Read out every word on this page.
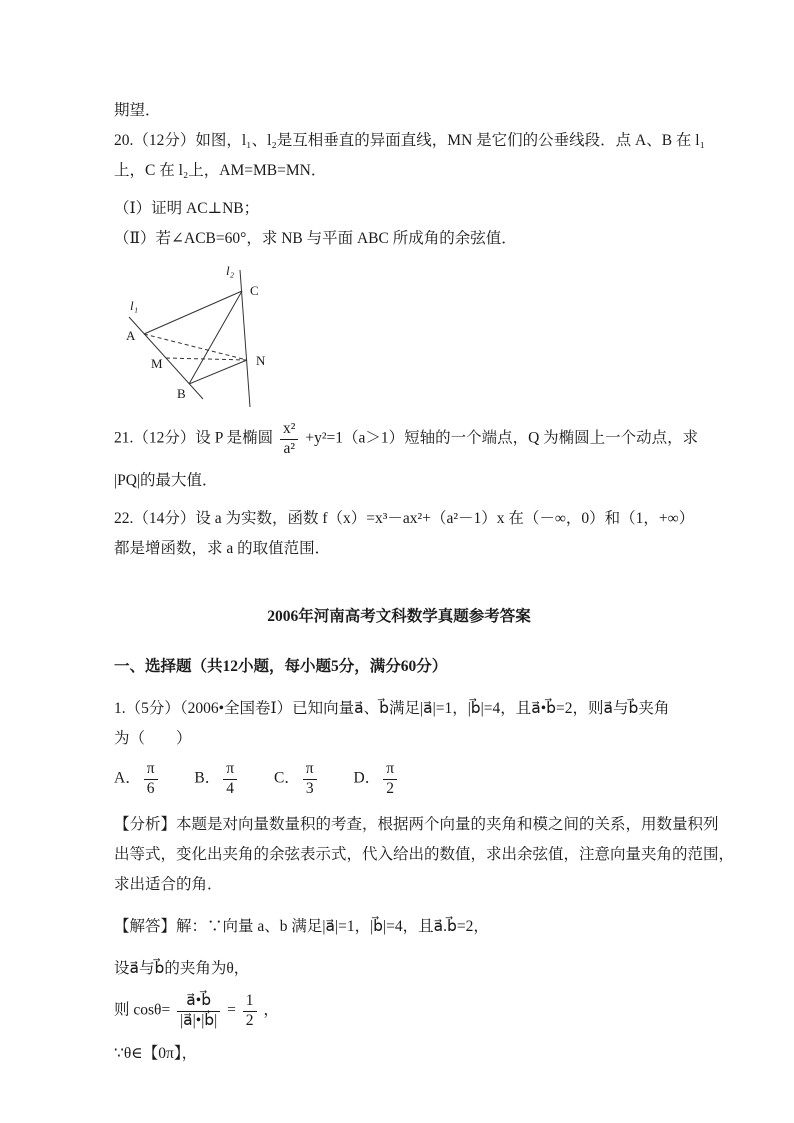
期望．

20.（12分）如图，l₁、l₂是互相垂直的异面直线，MN 是它们的公垂线段．点 A、B 在 l₁

上，C 在 l₂上，AM=MB=MN．

（Ⅰ）证明 AC⊥NB；

（Ⅱ）若∠ACB=60°，求 NB 与平面 ABC 所成角的余弦值．

l₁
l₂
A
M
B
N
C

21.（12分）设 P 是椭圆 $\frac{\text{x²}}{\text{a²}} +y^2=1(a>1)$短轴的一个端点，Q 为椭圆上一个动点，求

|PQ|的最大值．

22.（14分）设 a 为实数，函数 f（x）=x³－ax²+（a²－1）x 在（－∞，0）和（1，+∞）

都是增函数，求 a 的取值范围．

2006年河南高考文科数学真题参考答案

一、选择题（共12小题，每小题5分，满分60分）

1.（5分）（2006•全国卷Ⅰ）已知向量a⃗、b⃗满足|a⃗|=1，|b⃗|=4，且a⃗•b⃗=2，则a⃗与b⃗夹角

为（　　）

A． $\frac{\pi}{6}$ B． $\frac{\pi}{4}$ C． $\frac{\pi}{3}$ D． $\frac{\pi}{2}$

【分析】本题是对向量数量积的考查，根据两个向量的夹角和模之间的关系，用数量积列

出等式，变化出夹角的余弦表示式，代入给出的数值，求出余弦值，注意向量夹角的范围，

求出适合的角．

【解答】解：∵向量 a、b 满足|a⃗|=1，|b⃗|=4，且a⃗.b⃗=2，

设a⃗与b⃗的夹角为θ，

则 $\cos\theta= \frac{a⃗•b⃗}{|a⃗|•|b⃗|} = \frac{1}{2}$ ，

∵θ∈【0π】，
